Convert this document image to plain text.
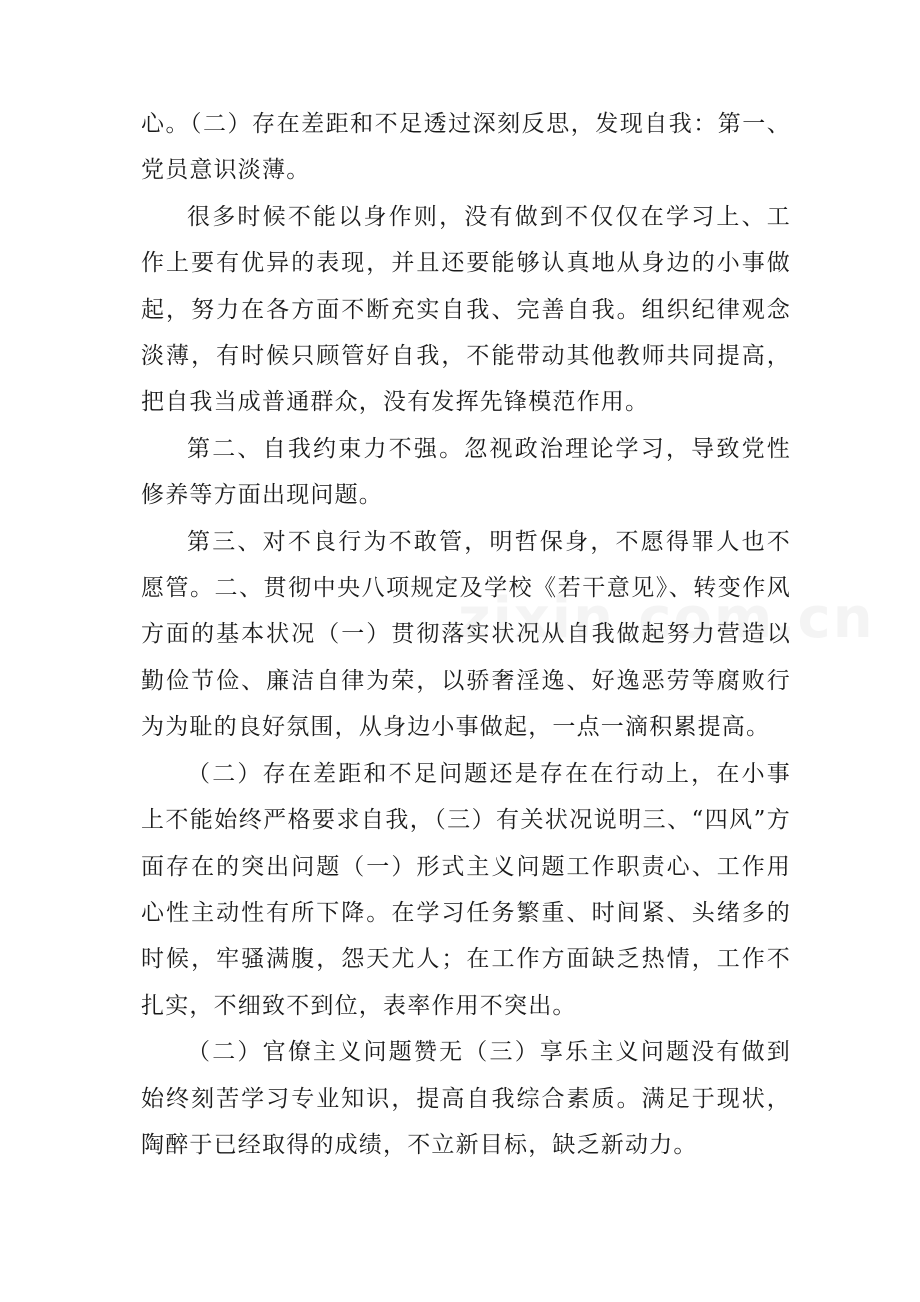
心。（二）存在差距和不足透过深刻反思，发现自我：第一、党员意识淡薄。

很多时候不能以身作则，没有做到不仅仅在学习上、工作上要有优异的表现，并且还要能够认真地从身边的小事做起，努力在各方面不断充实自我、完善自我。组织纪律观念淡薄，有时候只顾管好自我，不能带动其他教师共同提高，把自我当成普通群众，没有发挥先锋模范作用。

第二、自我约束力不强。忽视政治理论学习，导致党性修养等方面出现问题。

第三、对不良行为不敢管，明哲保身，不愿得罪人也不愿管。二、贯彻中央八项规定及学校《若干意见》、转变作风方面的基本状况（一）贯彻落实状况从自我做起努力营造以勤俭节俭、廉洁自律为荣，以骄奢淫逸、好逸恶劳等腐败行为为耻的良好氛围，从身边小事做起，一点一滴积累提高。

（二）存在差距和不足问题还是存在在行动上，在小事上不能始终严格要求自我，（三）有关状况说明三、“四风”方面存在的突出问题（一）形式主义问题工作职责心、工作用心性主动性有所下降。在学习任务繁重、时间紧、头绪多的时候，牢骚满腹，怨天尤人；在工作方面缺乏热情，工作不扎实，不细致不到位，表率作用不突出。

（二）官僚主义问题赞无（三）享乐主义问题没有做到始终刻苦学习专业知识，提高自我综合素质。满足于现状，陶醉于已经取得的成绩，不立新目标，缺乏新动力。
